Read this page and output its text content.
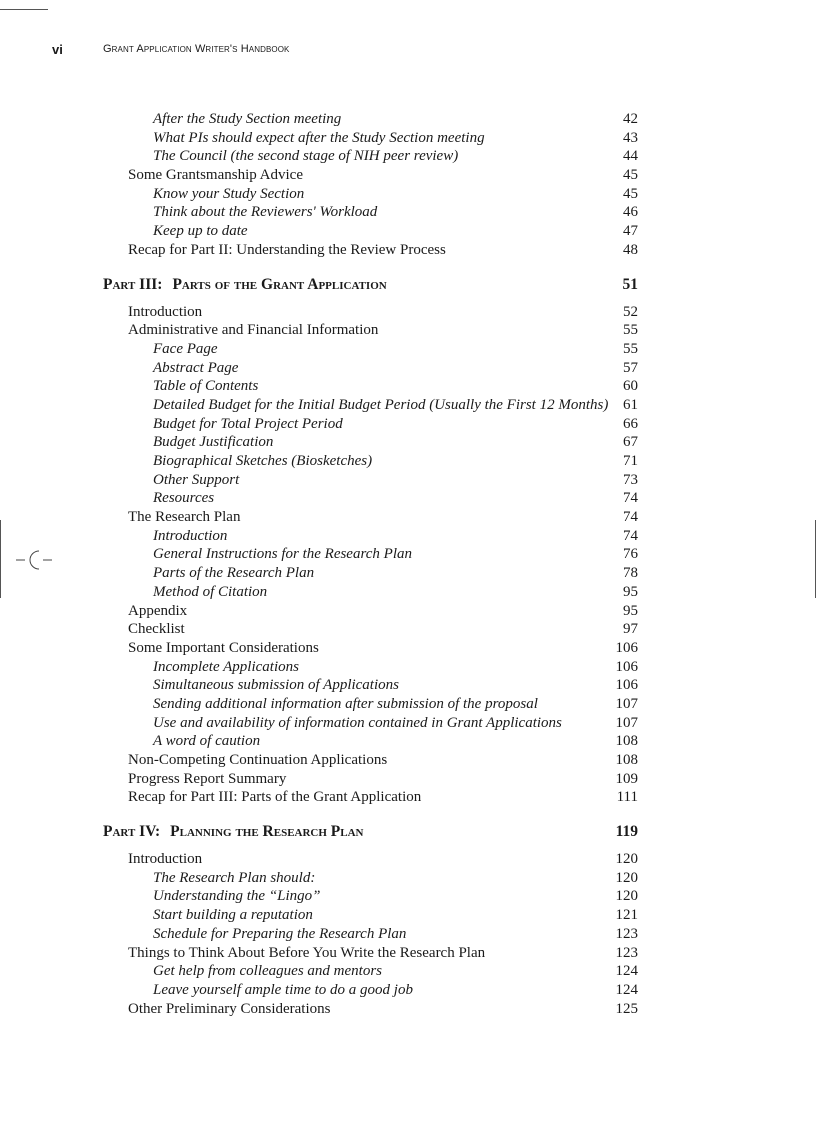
vi	Grant Application Writer's Handbook
After the Study Section meeting	42
What PIs should expect after the Study Section meeting	43
The Council (the second stage of NIH peer review)	44
Some Grantsmanship Advice	45
Know your Study Section	45
Think about the Reviewers' Workload	46
Keep up to date	47
Recap for Part II: Understanding the Review Process	48
Part III: Parts of the Grant Application	51
Introduction	52
Administrative and Financial Information	55
Face Page	55
Abstract Page	57
Table of Contents	60
Detailed Budget for the Initial Budget Period (Usually the First 12 Months) 61
Budget for Total Project Period	66
Budget Justification	67
Biographical Sketches (Biosketches)	71
Other Support	73
Resources	74
The Research Plan	74
Introduction	74
General Instructions for the Research Plan	76
Parts of the Research Plan	78
Method of Citation	95
Appendix	95
Checklist	97
Some Important Considerations	106
Incomplete Applications	106
Simultaneous submission of Applications	106
Sending additional information after submission of the proposal	107
Use and availability of information contained in Grant Applications	107
A word of caution	108
Non-Competing Continuation Applications	108
Progress Report Summary	109
Recap for Part III: Parts of the Grant Application	111
Part IV: Planning the Research Plan	119
Introduction	120
The Research Plan should:	120
Understanding the “Lingo”	120
Start building a reputation	121
Schedule for Preparing the Research Plan	123
Things to Think About Before You Write the Research Plan	123
Get help from colleagues and mentors	124
Leave yourself ample time to do a good job	124
Other Preliminary Considerations	125
